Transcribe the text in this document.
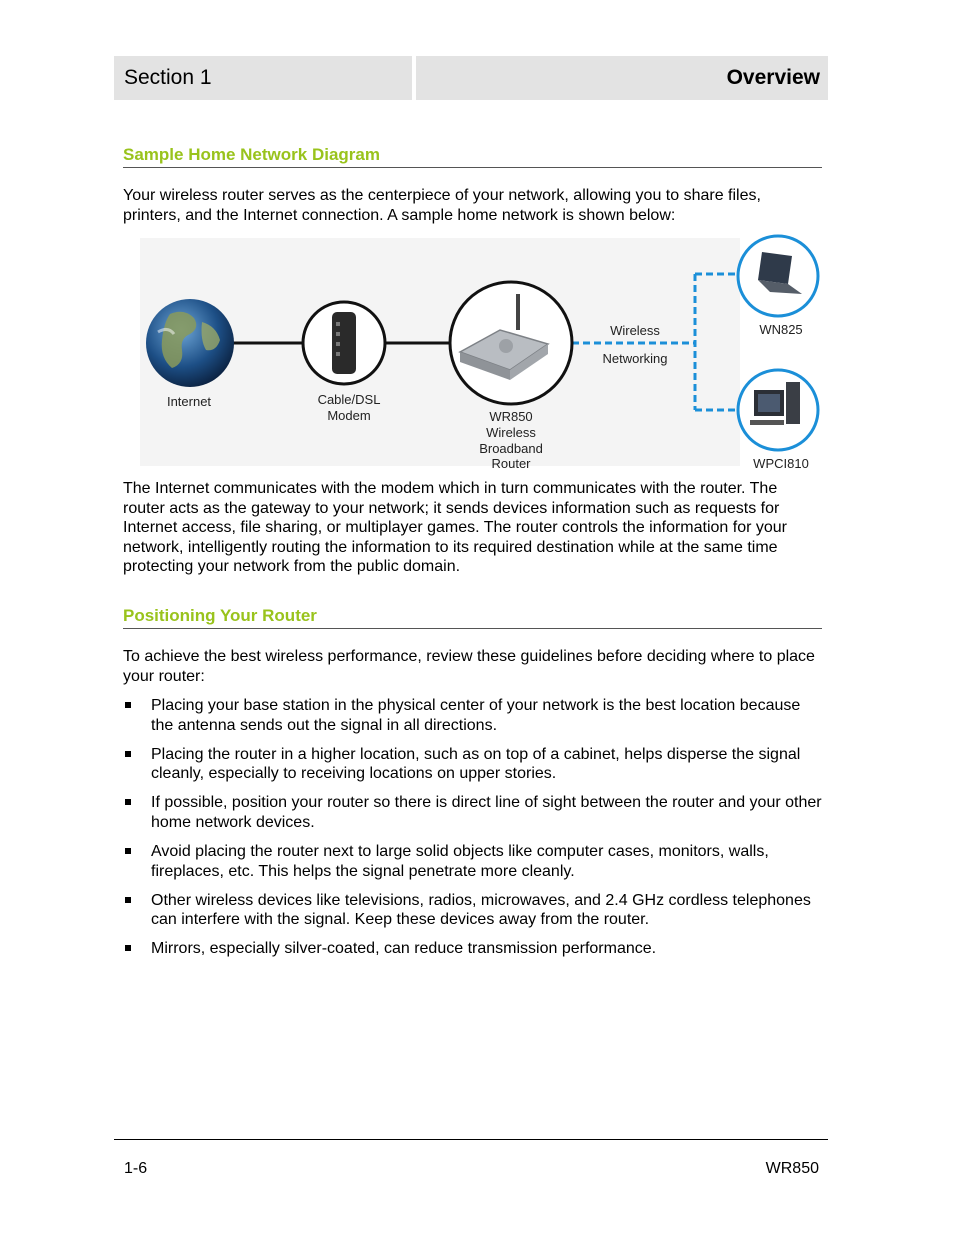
Section 1	Overview
Sample Home Network Diagram

Your wireless router serves as the centerpiece of your network, allowing you to share files, printers, and the Internet connection. A sample home network is shown below:

Internet	Cable/DSL
Modem	WR850
Wireless
Broadband
Router
Wireless
Networking
WN825
WPCI810

The Internet communicates with the modem which in turn communicates with the router. The router acts as the gateway to your network; it sends devices information such as requests for Internet access, file sharing, or multiplayer games. The router controls the information for your network, intelligently routing the information to its required destination while at the same time protecting your network from the public domain.

Positioning Your Router

To achieve the best wireless performance, review these guidelines before deciding where to place your router:

Placing your base station in the physical center of your network is the best location because the antenna sends out the signal in all directions.
Placing the router in a higher location, such as on top of a cabinet, helps disperse the signal cleanly, especially to receiving locations on upper stories.
If possible, position your router so there is direct line of sight between the router and your other home network devices.
Avoid placing the router next to large solid objects like computer cases, monitors, walls, fireplaces, etc. This helps the signal penetrate more cleanly.
Other wireless devices like televisions, radios, microwaves, and 2.4 GHz cordless telephones can interfere with the signal. Keep these devices away from the router.
Mirrors, especially silver-coated, can reduce transmission performance.
1-6	WR850
